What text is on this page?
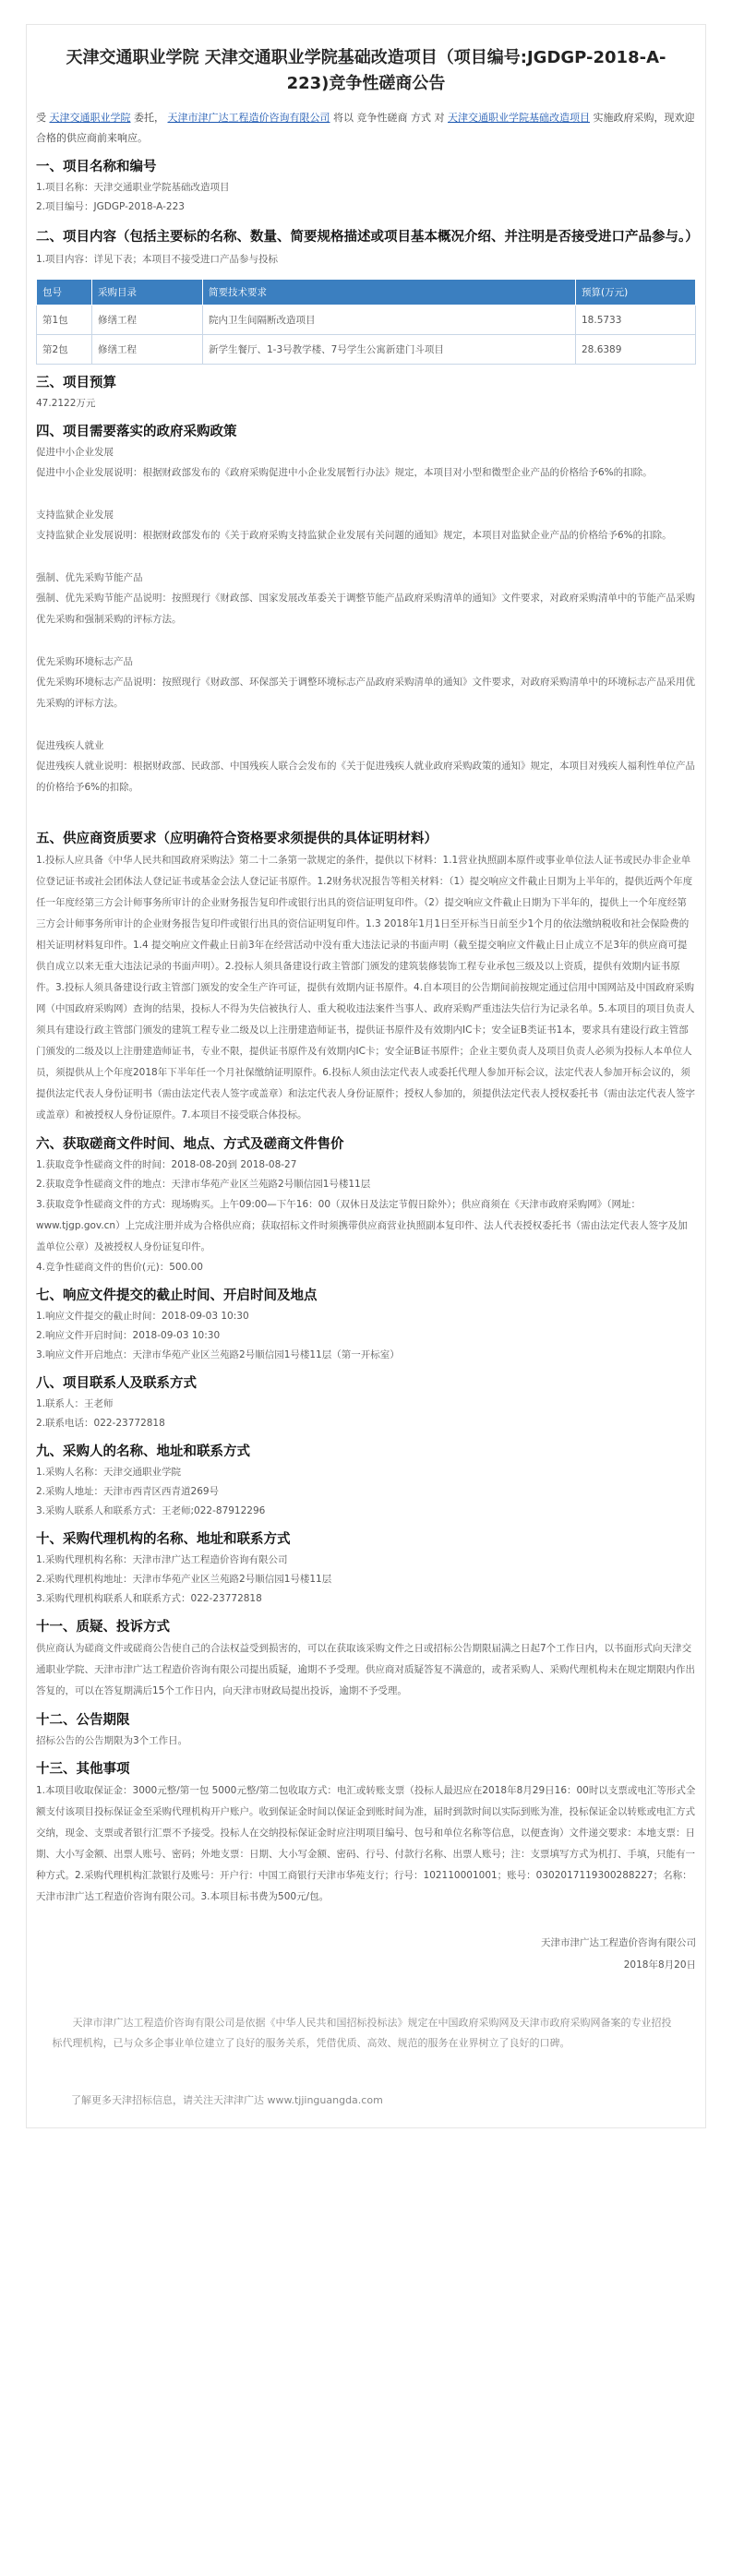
天津交通职业学院 天津交通职业学院基础改造项目（项目编号:JGDGP-2018-A-223)竞争性磋商公告
受 天津交通职业学院 委托， 天津市津广达工程造价咨询有限公司 将以 竞争性磋商 方式 对 天津交通职业学院基础改造项目 实施政府采购，现欢迎合格的供应商前来响应。
一、项目名称和编号

1.项目名称：天津交通职业学院基础改造项目

2.项目编号：JGDGP-2018-A-223

二、项目内容（包括主要标的名称、数量、简要规格描述或项目基本概况介绍、并注明是否接受进口产品参与。）

1.项目内容：详见下表；本项目不接受进口产品参与投标

包号	采购目录	简要技术要求	预算(万元)
第1包	修缮工程	院内卫生间隔断改造项目	18.5733
第2包	修缮工程	新学生餐厅、1-3号教学楼、7号学生公寓新建门斗项目	28.6389
三、项目预算

47.2122万元

四、项目需要落实的政府采购政策

促进中小企业发展

促进中小企业发展说明：根据财政部发布的《政府采购促进中小企业发展暂行办法》规定，本项目对小型和微型企业产品的价格给予6%的扣除。

支持监狱企业发展

支持监狱企业发展说明：根据财政部发布的《关于政府采购支持监狱企业发展有关问题的通知》规定，本项目对监狱企业产品的价格给予6%的扣除。

强制、优先采购节能产品

强制、优先采购节能产品说明：按照现行《财政部、国家发展改革委关于调整节能产品政府采购清单的通知》文件要求，对政府采购清单中的节能产品采购优先采购和强制采购的评标方法。

优先采购环境标志产品

优先采购环境标志产品说明：按照现行《财政部、环保部关于调整环境标志产品政府采购清单的通知》文件要求，对政府采购清单中的环境标志产品采用优先采购的评标方法。

促进残疾人就业

促进残疾人就业说明：根据财政部、民政部、中国残疾人联合会发布的《关于促进残疾人就业政府采购政策的通知》规定，本项目对残疾人福利性单位产品的价格给予6%的扣除。

五、供应商资质要求（应明确符合资格要求须提供的具体证明材料）

1.投标人应具备《中华人民共和国政府采购法》第二十二条第一款规定的条件，提供以下材料：1.1营业执照副本原件或事业单位法人证书或民办非企业单位登记证书或社会团体法人登记证书或基金会法人登记证书原件。1.2财务状况报告等相关材料：（1）提交响应文件截止日期为上半年的，提供近两个年度任一年度经第三方会计师事务所审计的企业财务报告复印件或银行出具的资信证明复印件。（2）提交响应文件截止日期为下半年的，提供上一个年度经第三方会计师事务所审计的企业财务报告复印件或银行出具的资信证明复印件。1.3 2018年1月1日至开标当日前至少1个月的依法缴纳税收和社会保险费的相关证明材料复印件。1.4 提交响应文件截止日前3年在经营活动中没有重大违法记录的书面声明（截至提交响应文件截止日止成立不足3年的供应商可提供自成立以来无重大违法记录的书面声明）。2.投标人须具备建设行政主管部门颁发的建筑装修装饰工程专业承包三级及以上资质，提供有效期内证书原件。3.投标人须具备建设行政主管部门颁发的安全生产许可证，提供有效期内证书原件。4.自本项目的公告期间前按规定通过信用中国网站及中国政府采购网（中国政府采购网）查询的结果，投标人不得为失信被执行人、重大税收违法案件当事人、政府采购严重违法失信行为记录名单。5.本项目的项目负责人须具有建设行政主管部门颁发的建筑工程专业二级及以上注册建造师证书，提供证书原件及有效期内IC卡；安全证B类证书1本，要求具有建设行政主管部门颁发的二级及以上注册建造师证书，专业不限，提供证书原件及有效期内IC卡；安全证B证书原件；企业主要负责人及项目负责人必须为投标人本单位人员，须提供从上个年度2018年下半年任一个月社保缴纳证明原件。6.投标人须由法定代表人或委托代理人参加开标会议，法定代表人参加开标会议的，须提供法定代表人身份证明书（需由法定代表人签字或盖章）和法定代表人身份证原件；授权人参加的，须提供法定代表人授权委托书（需由法定代表人签字或盖章）和被授权人身份证原件。7.本项目不接受联合体投标。

六、获取磋商文件时间、地点、方式及磋商文件售价

1.获取竞争性磋商文件的时间：2018-08-20到 2018-08-27

2.获取竞争性磋商文件的地点：天津市华苑产业区兰苑路2号顺信园1号楼11层

3.获取竞争性磋商文件的方式：现场购买。上午09:00—下午16：00（双休日及法定节假日除外）；供应商须在《天津市政府采购网》（网址：www.tjgp.gov.cn）上完成注册并成为合格供应商；获取招标文件时须携带供应商营业执照副本复印件、法人代表授权委托书（需由法定代表人签字及加盖单位公章）及被授权人身份证复印件。

4.竞争性磋商文件的售价(元)：500.00

七、响应文件提交的截止时间、开启时间及地点

1.响应文件提交的截止时间：2018-09-03 10:30

2.响应文件开启时间：2018-09-03 10:30

3.响应文件开启地点：天津市华苑产业区兰苑路2号顺信园1号楼11层（第一开标室）

八、项目联系人及联系方式

1.联系人：王老师

2.联系电话：022-23772818

九、采购人的名称、地址和联系方式

1.采购人名称：天津交通职业学院

2.采购人地址：天津市西青区西青道269号

3.采购人联系人和联系方式：王老师;022-87912296

十、采购代理机构的名称、地址和联系方式

1.采购代理机构名称：天津市津广达工程造价咨询有限公司

2.采购代理机构地址：天津市华苑产业区兰苑路2号顺信园1号楼11层

3.采购代理机构联系人和联系方式：022-23772818

十一、质疑、投诉方式

供应商认为磋商文件或磋商公告使自己的合法权益受到损害的，可以在获取该采购文件之日或招标公告期限届满之日起7个工作日内，以书面形式向天津交通职业学院、天津市津广达工程造价咨询有限公司提出质疑，逾期不予受理。供应商对质疑答复不满意的，或者采购人、采购代理机构未在规定期限内作出答复的，可以在答复期满后15个工作日内，向天津市财政局提出投诉，逾期不予受理。

十二、公告期限

招标公告的公告期限为3个工作日。

十三、其他事项

1.本项目收取保证金：3000元整/第一包 5000元整/第二包收取方式：电汇或转账支票（投标人最迟应在2018年8月29日16：00时以支票或电汇等形式全额支付该项目投标保证金至采购代理机构开户账户。收到保证金时间以保证金到账时间为准，届时到款时间以实际到账为准，投标保证金以转账或电汇方式交纳，现金、支票或者银行汇票不予接受。投标人在交纳投标保证金时应注明项目编号、包号和单位名称等信息，以便查询）文件递交要求：本地支票：日期、大小写金额、出票人账号、密码；外地支票：日期、大小写金额、密码、行号、付款行名称、出票人账号；注：支票填写方式为机打、手填，只能有一种方式。2.采购代理机构汇款银行及账号：开户行：中国工商银行天津市华苑支行；行号：102110001001；账号：0302017119300288227；名称：天津市津广达工程造价咨询有限公司。3.本项目标书费为500元/包。

天津市津广达工程造价咨询有限公司
2018年8月20日

天津市津广达工程造价咨询有限公司是依据《中华人民共和国招标投标法》规定在中国政府采购网及天津市政府采购网备案的专业招投标代理机构，已与众多企事业单位建立了良好的服务关系，凭借优质、高效、规范的服务在业界树立了良好的口碑。

了解更多天津招标信息，请关注天津津广达 www.tjjinguangda.com
